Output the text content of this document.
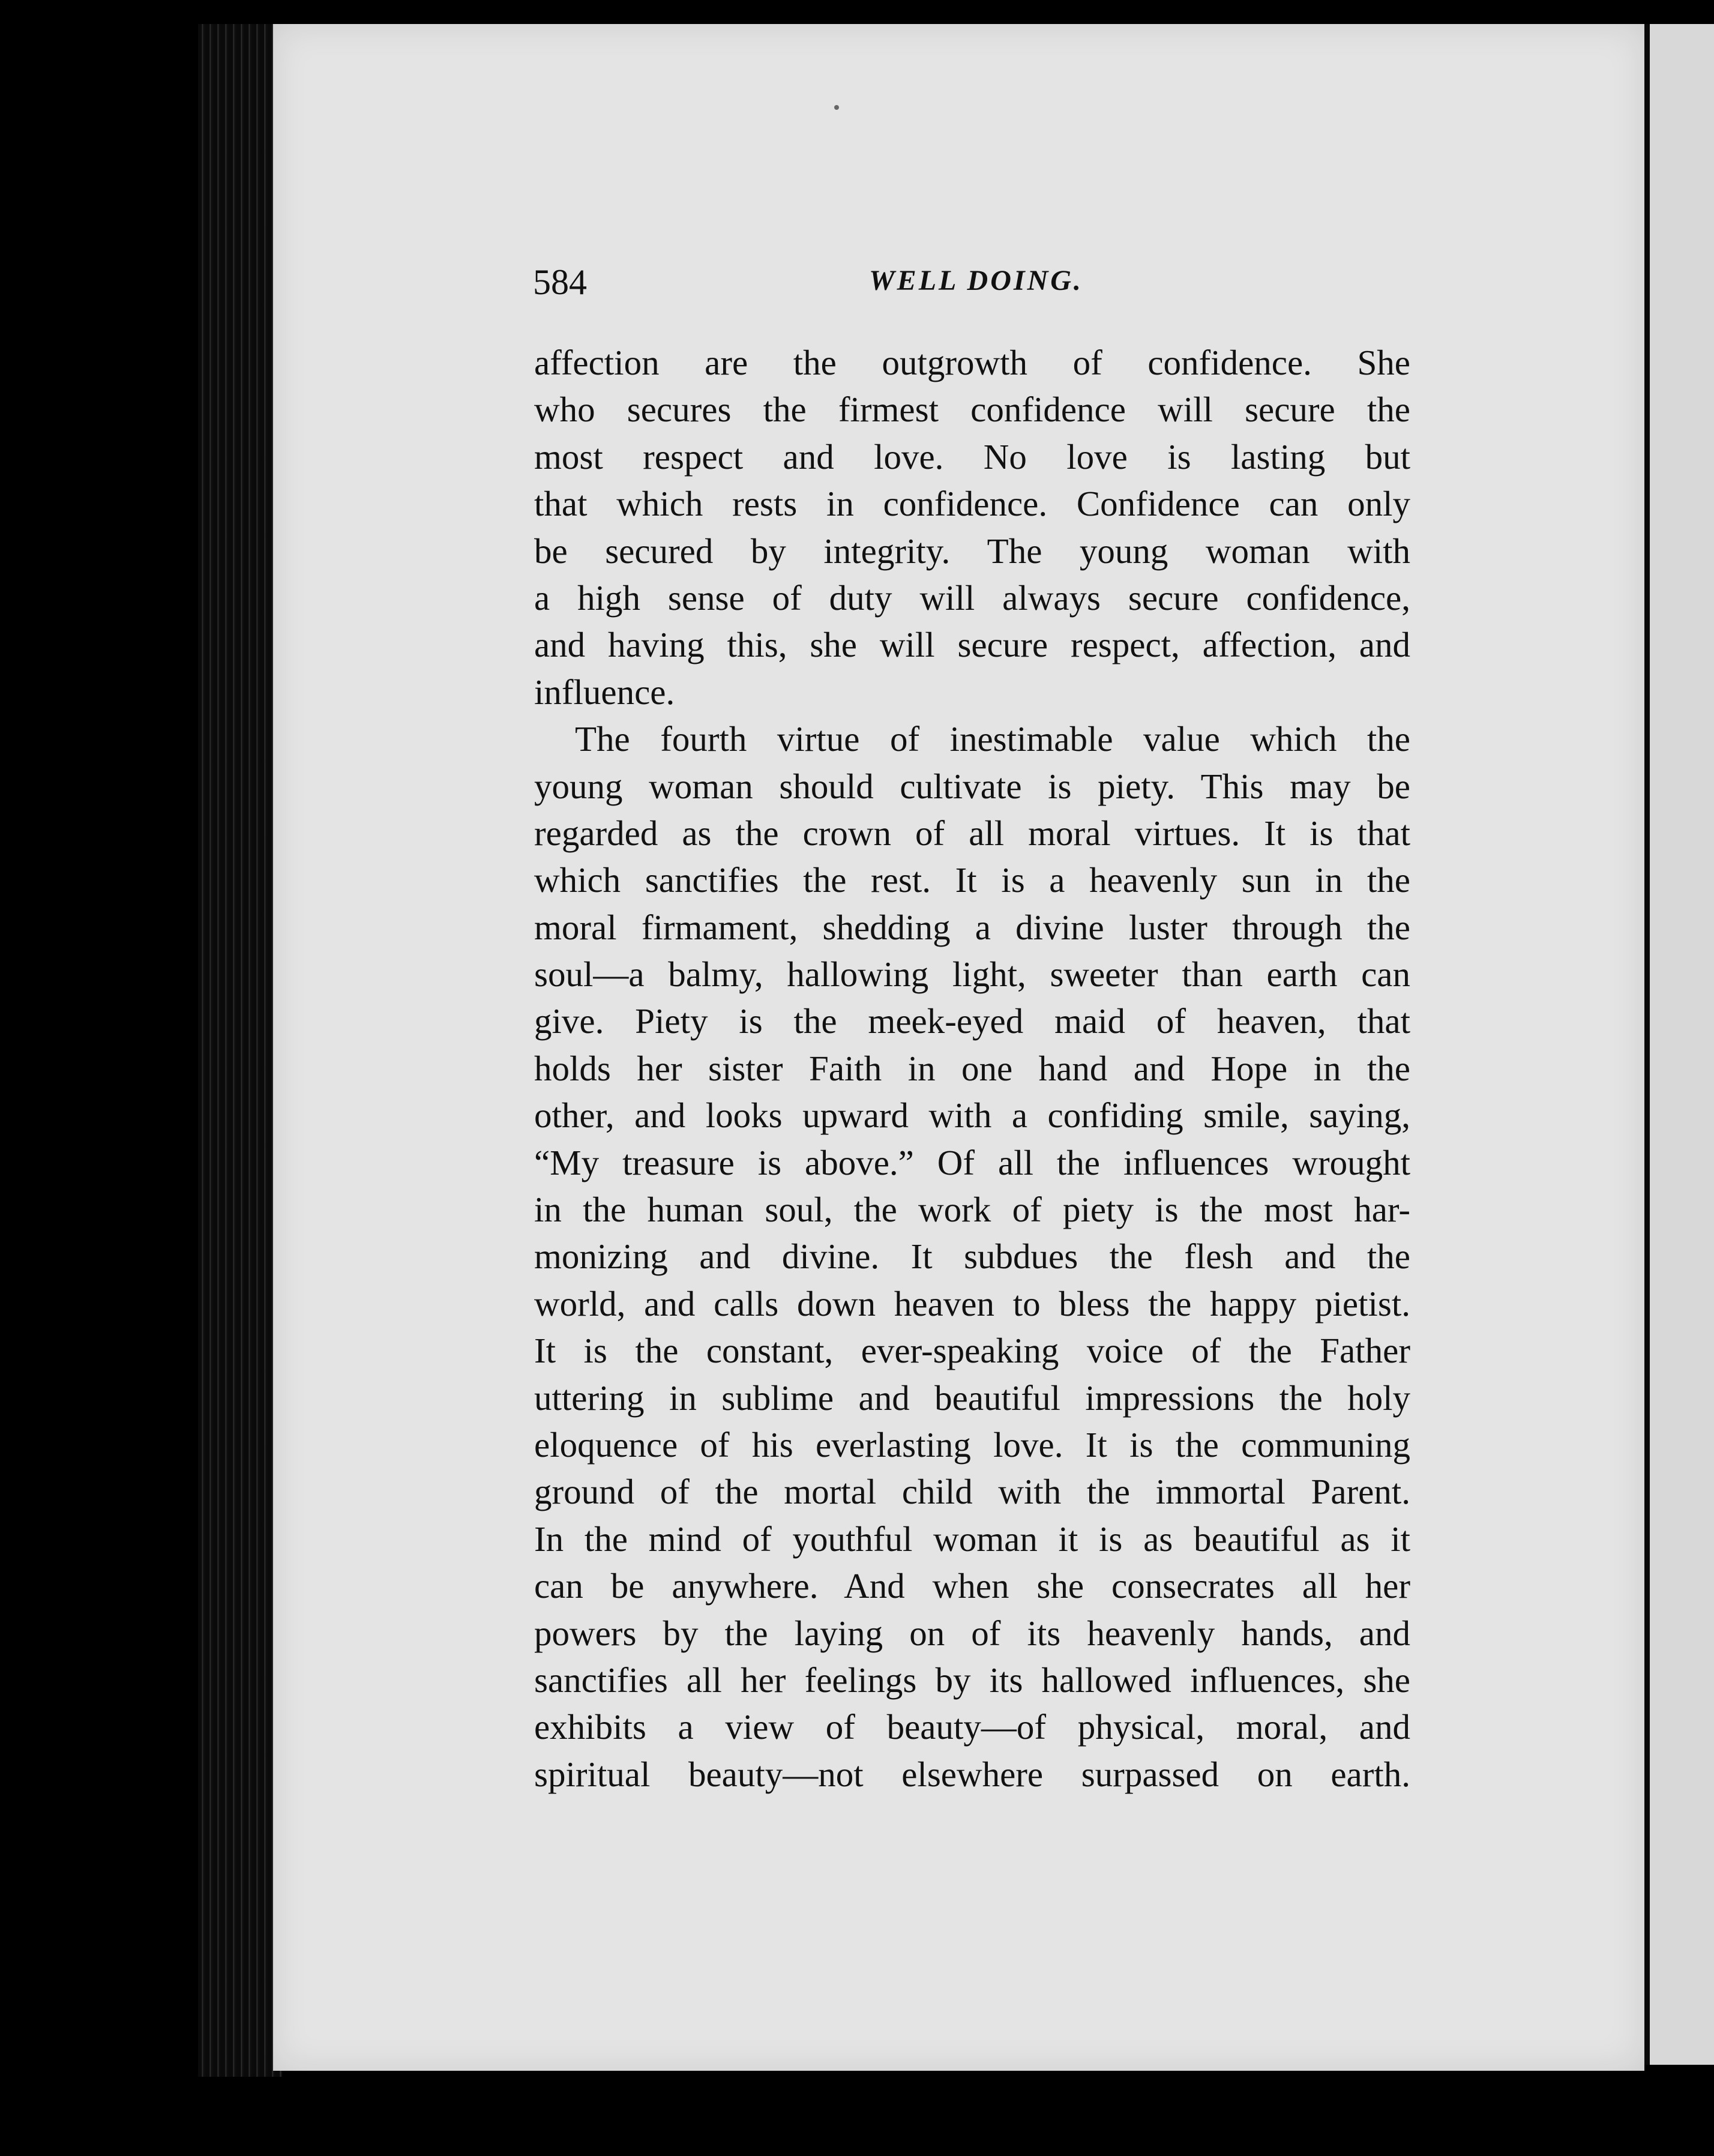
584	WELL DOING.
affection are the outgrowth of confidence. She
who secures the firmest confidence will secure the
most respect and love. No love is lasting but
that which rests in confidence. Confidence can only
be secured by integrity. The young woman with
a high sense of duty will always secure confidence,
and having this, she will secure respect, affection, and
influence.
The fourth virtue of inestimable value which the
young woman should cultivate is piety. This may be
regarded as the crown of all moral virtues. It is that
which sanctifies the rest. It is a heavenly sun in the
moral firmament, shedding a divine luster through the
soul—a balmy, hallowing light, sweeter than earth can
give. Piety is the meek-eyed maid of heaven, that
holds her sister Faith in one hand and Hope in the
other, and looks upward with a confiding smile, saying,
“My treasure is above.” Of all the influences wrought
in the human soul, the work of piety is the most har-
monizing and divine. It subdues the flesh and the
world, and calls down heaven to bless the happy pietist.
It is the constant, ever-speaking voice of the Father
uttering in sublime and beautiful impressions the holy
eloquence of his everlasting love. It is the communing
ground of the mortal child with the immortal Parent.
In the mind of youthful woman it is as beautiful as it
can be anywhere. And when she consecrates all her
powers by the laying on of its heavenly hands, and
sanctifies all her feelings by its hallowed influences, she
exhibits a view of beauty—of physical, moral, and
spiritual beauty—not elsewhere surpassed on earth.
